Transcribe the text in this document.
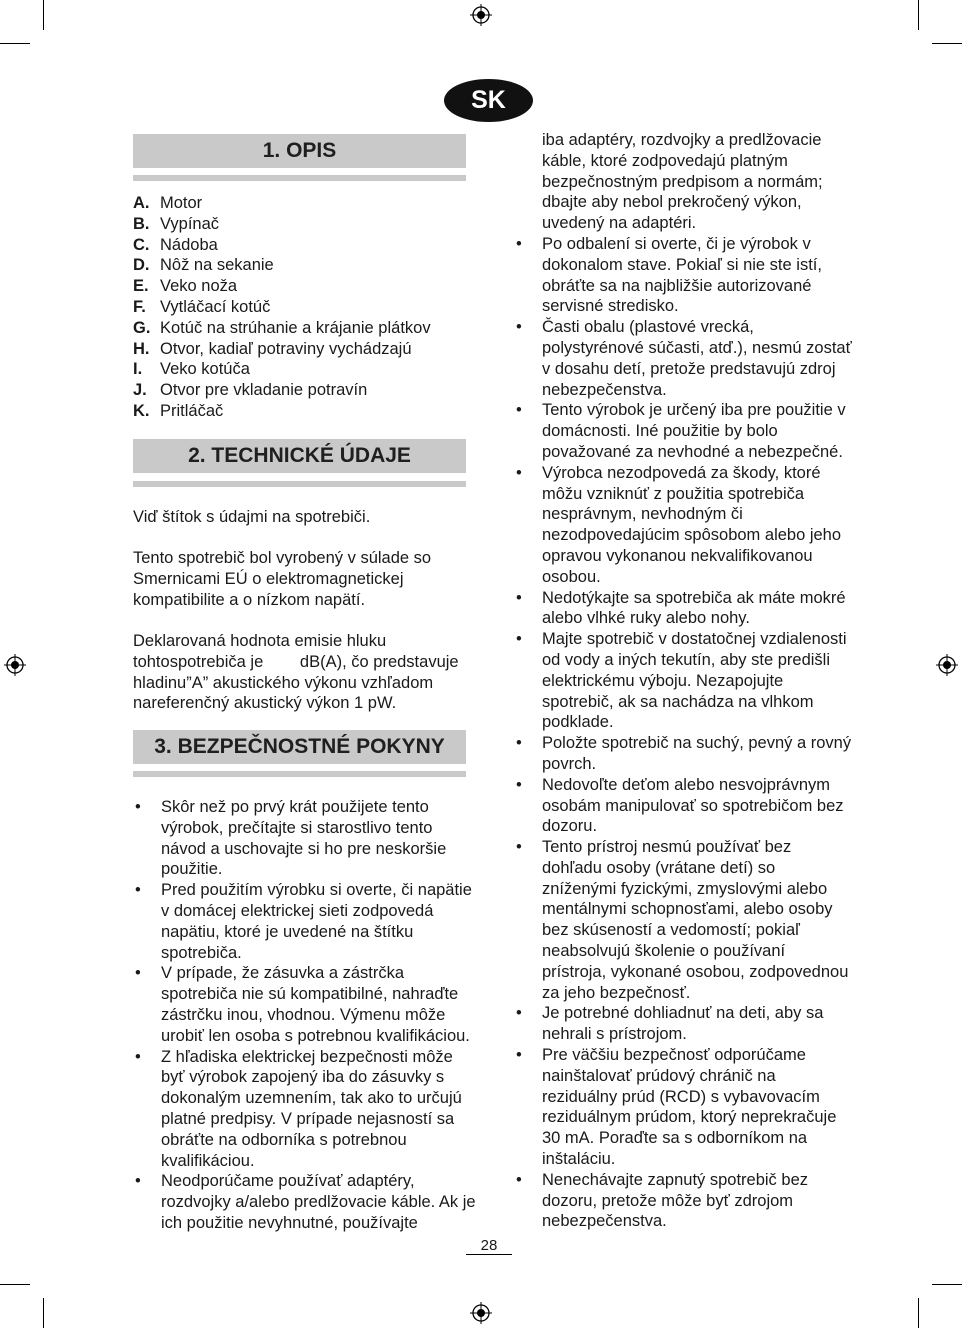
SK
1. OPIS
A. Motor
B. Vypínač
C. Nádoba
D. Nôž na sekanie
E. Veko noža
F. Vytláčací kotúč
G. Kotúč na strúhanie a krájanie plátkov
H. Otvor, kadiaľ potraviny vychádzajú
I.	Veko kotúča
J. Otvor pre vkladanie potravín
K. Pritláčač
2. TECHNICKÉ ÚDAJE

Viď štítok s údajmi na spotrebiči.

Tento spotrebič bol vyrobený v súlade so Smernicami EÚ o elektromagnetickej kompatibilite a o nízkom napätí.

Deklarovaná hodnota emisie hluku tohtospotrebiča je        dB(A), čo predstavuje hladinu”A” akustického výkonu vzhľadom nareferenčný akustický výkon 1 pW.

3. BEZPEČNOSTNÉ POKYNY
• Skôr než po prvý krát použijete tento výrobok, prečítajte si starostlivo tento návod a uschovajte si ho pre neskoršie použitie.
• Pred použitím výrobku si overte, či napätie v domácej elektrickej sieti zodpovedá napätiu, ktoré je uvedené na štítku spotrebiča.
• V prípade, že zásuvka a zástrčka spotrebiča nie sú kompatibilné, nahraďte zástrčku inou, vhodnou. Výmenu môže urobiť len osoba s potrebnou kvalifikáciou.
• Z hľadiska elektrickej bezpečnosti môže byť výrobok zapojený iba do zásuvky s dokonalým uzemnením, tak ako to určujú platné predpisy. V prípade nejasností sa obráťte na odborníka s potrebnou kvalifikáciou.
• Neodporúčame používať adaptéry, rozdvojky a/alebo predlžovacie káble. Ak je ich použitie nevyhnutné, používajte
iba adaptéry, rozdvojky a predlžovacie káble, ktoré zodpovedajú platným bezpečnostným predpisom a normám; dbajte aby nebol prekročený výkon, uvedený na adaptéri.
• Po odbalení si overte, či je výrobok v dokonalom stave. Pokiaľ si nie ste istí, obráťte sa na najbližšie autorizované servisné stredisko.
• Časti obalu (plastové vrecká, polystyrénové súčasti, atď.), nesmú zostať v dosahu detí, pretože predstavujú zdroj nebezpečenstva.
• Tento výrobok je určený iba pre použitie v domácnosti. Iné použitie by bolo považované za nevhodné a nebezpečné.
• Výrobca nezodpovedá za škody, ktoré môžu vzniknúť z použitia spotrebiča nesprávnym, nevhodným či nezodpovedajúcim spôsobom alebo jeho opravou vykonanou nekvalifikovanou osobou.
• Nedotýkajte sa spotrebiča ak máte mokré alebo vlhké ruky alebo nohy.
• Majte spotrebič v dostatočnej vzdialenosti od vody a iných tekutín, aby ste predišli elektrickému výboju. Nezapojujte spotrebič, ak sa nachádza na vlhkom podklade.
• Položte spotrebič na suchý, pevný a rovný povrch.
• Nedovoľte deťom alebo nesvojprávnym osobám manipulovať so spotrebičom bez dozoru.
• Tento prístroj nesmú používať bez dohľadu osoby (vrátane detí) so zníženými fyzickými, zmyslovými alebo mentálnymi schopnosťami, alebo osoby bez skúseností a vedomostí; pokiaľ neabsolvujú školenie o používaní prístroja, vykonané osobou, zodpovednou za jeho bezpečnosť.
• Je potrebné dohliadnuť na deti, aby sa nehrali s prístrojom.
• Pre väčšiu bezpečnosť odporúčame nainštalovať prúdový chránič na reziduálny prúd (RCD) s vybavovacím reziduálnym prúdom, ktorý neprekračuje 30 mA. Poraďte sa s odborníkom na inštaláciu.
• Nenechávajte zapnutý spotrebič bez dozoru, pretože môže byť zdrojom nebezpečenstva.
28
